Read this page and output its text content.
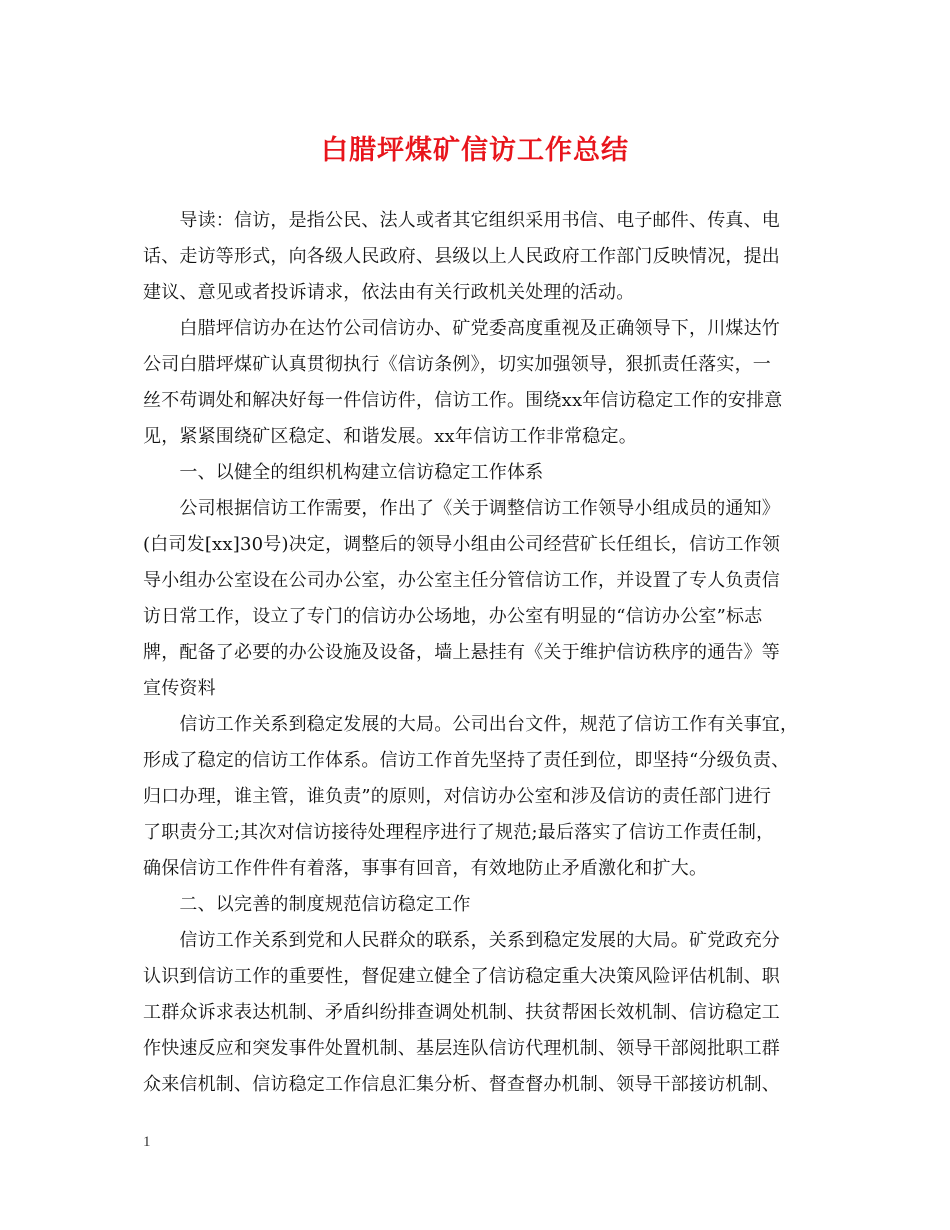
白腊坪煤矿信访工作总结
　　导读：信访，是指公民、法人或者其它组织采用书信、电子邮件、传真、电
话、走访等形式，向各级人民政府、县级以上人民政府工作部门反映情况，提出
建议、意见或者投诉请求，依法由有关行政机关处理的活动。
　　白腊坪信访办在达竹公司信访办、矿党委高度重视及正确领导下，川煤达竹
公司白腊坪煤矿认真贯彻执行《信访条例》，切实加强领导，狠抓责任落实，一
丝不苟调处和解决好每一件信访件，信访工作。围绕xx年信访稳定工作的安排意
见，紧紧围绕矿区稳定、和谐发展。xx年信访工作非常稳定。
　　一、以健全的组织机构建立信访稳定工作体系
　　公司根据信访工作需要，作出了《关于调整信访工作领导小组成员的通知》
(白司发[xx]30号)决定，调整后的领导小组由公司经营矿长任组长，信访工作领
导小组办公室设在公司办公室，办公室主任分管信访工作，并设置了专人负责信
访日常工作，设立了专门的信访办公场地，办公室有明显的“信访办公室”标志
牌，配备了必要的办公设施及设备，墙上悬挂有《关于维护信访秩序的通告》等
宣传资料
　　信访工作关系到稳定发展的大局。公司出台文件，规范了信访工作有关事宜，
形成了稳定的信访工作体系。信访工作首先坚持了责任到位，即坚持“分级负责、
归口办理，谁主管，谁负责”的原则，对信访办公室和涉及信访的责任部门进行
了职责分工;其次对信访接待处理程序进行了规范;最后落实了信访工作责任制，
确保信访工作件件有着落，事事有回音，有效地防止矛盾激化和扩大。
　　二、以完善的制度规范信访稳定工作
　　信访工作关系到党和人民群众的联系，关系到稳定发展的大局。矿党政充分
认识到信访工作的重要性，督促建立健全了信访稳定重大决策风险评估机制、职
工群众诉求表达机制、矛盾纠纷排查调处机制、扶贫帮困长效机制、信访稳定工
作快速反应和突发事件处置机制、基层连队信访代理机制、领导干部阅批职工群
众来信机制、信访稳定工作信息汇集分析、督查督办机制、领导干部接访机制、
1
